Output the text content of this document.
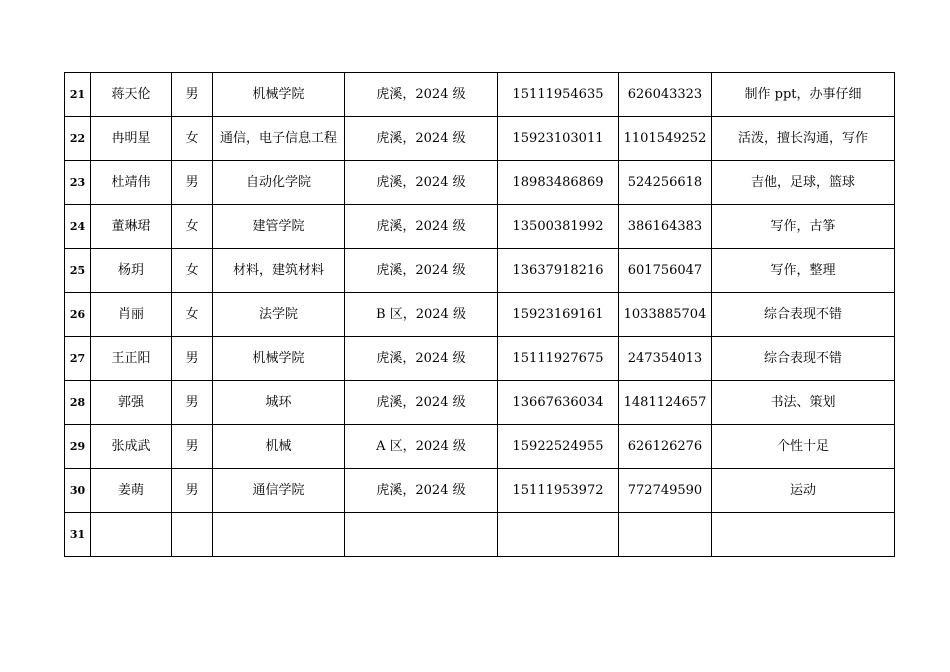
21	蒋天伦	男	机械学院	虎溪，2024 级	15111954635	626043323	制作 ppt，办事仔细
22	冉明星	女	通信，电子信息工程	虎溪，2024 级	15923103011	1101549252	活泼，擅长沟通，写作
23	杜靖伟	男	自动化学院	虎溪，2024 级	18983486869	524256618	吉他，足球，篮球
24	董琳珺	女	建管学院	虎溪，2024 级	13500381992	386164383	写作，古筝
25	杨玥	女	材料，建筑材料	虎溪，2024 级	13637918216	601756047	写作，整理
26	肖丽	女	法学院	B 区，2024 级	15923169161	1033885704	综合表现不错
27	王正阳	男	机械学院	虎溪，2024 级	15111927675	247354013	综合表现不错
28	郭强	男	城环	虎溪，2024 级	13667636034	1481124657	书法、策划
29	张成武	男	机械	A 区，2024 级	15922524955	626126276	个性十足
30	姜萌	男	通信学院	虎溪，2024 级	15111953972	772749590	运动
31							
